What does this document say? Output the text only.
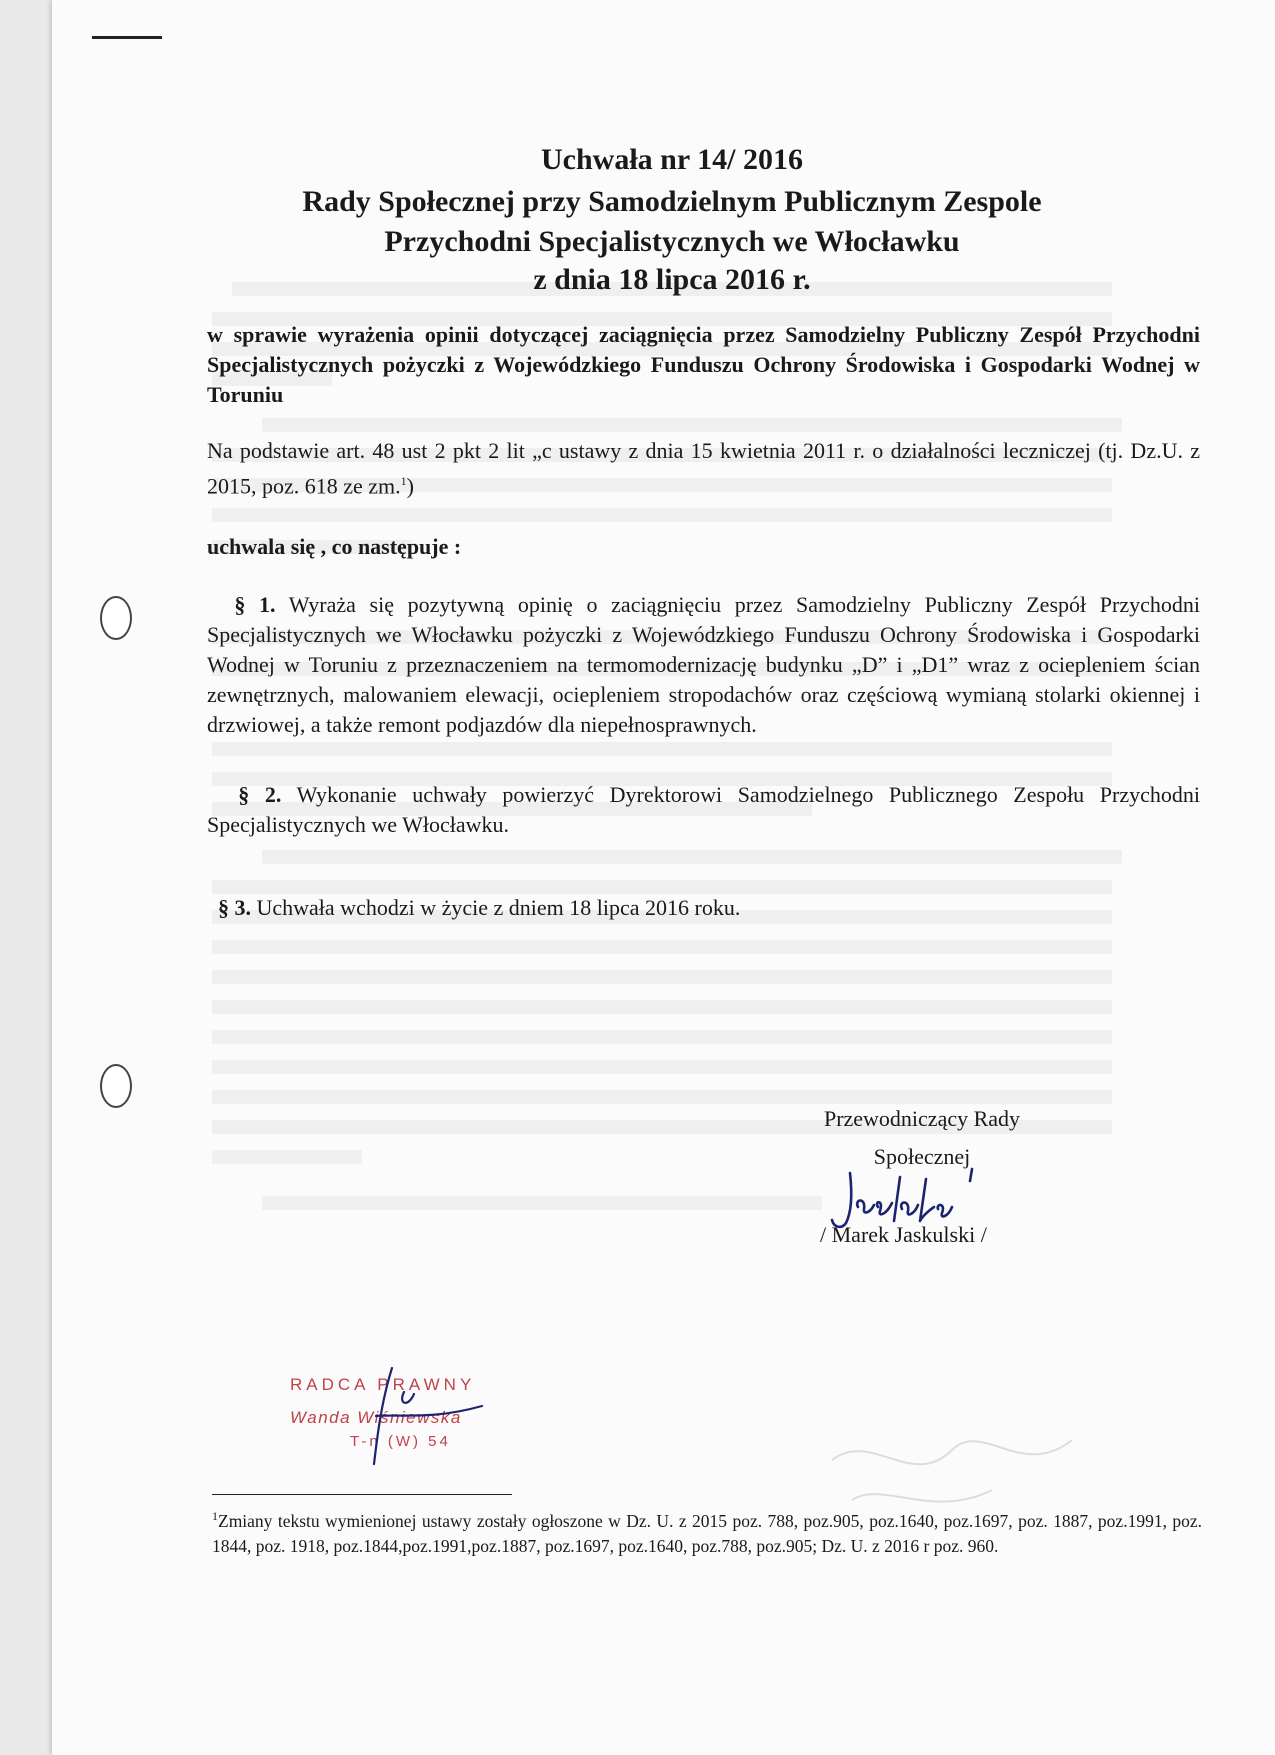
Uchwała nr 14/ 2016
Rady Społecznej przy Samodzielnym Publicznym Zespole
Przychodni Specjalistycznych we Włocławku
z dnia 18 lipca 2016 r.
w sprawie wyrażenia opinii dotyczącej zaciągnięcia przez Samodzielny Publiczny Zespół Przychodni Specjalistycznych pożyczki z Wojewódzkiego Funduszu Ochrony Środowiska i Gospodarki Wodnej w Toruniu
Na podstawie art. 48 ust 2 pkt 2 lit „c ustawy z dnia 15 kwietnia 2011 r. o działalności leczniczej (tj. Dz.U. z 2015, poz. 618 ze zm.$^1$)
uchwala się , co następuje :
§ 1. Wyraża się pozytywną opinię o zaciągnięciu przez Samodzielny Publiczny Zespół Przychodni Specjalistycznych we Włocławku pożyczki z Wojewódzkiego Funduszu Ochrony Środowiska i Gospodarki Wodnej w Toruniu z przeznaczeniem na termomodernizację budynku „D” i „D1” wraz z ociepleniem ścian zewnętrznych, malowaniem elewacji, ociepleniem stropodachów oraz częściową wymianą stolarki okiennej i drzwiowej, a także remont podjazdów dla niepełnosprawnych.
§ 2. Wykonanie uchwały powierzyć Dyrektorowi Samodzielnego Publicznego Zespołu Przychodni Specjalistycznych we Włocławku.
§ 3. Uchwała wchodzi w życie z dniem 18 lipca 2016 roku.
Przewodniczący Rady
Społecznej
/ Marek Jaskulski /
RADCA PRAWNY
Wanda Wiśniewska
T-n (W) 54
$^1$Zmiany tekstu wymienionej ustawy zostały ogłoszone w Dz. U. z 2015 poz. 788, poz.905, poz.1640, poz.1697, poz. 1887, poz.1991, poz. 1844, poz. 1918, poz.1844,poz.1991,poz.1887, poz.1697, poz.1640, poz.788, poz.905; Dz. U. z 2016 r poz. 960.
